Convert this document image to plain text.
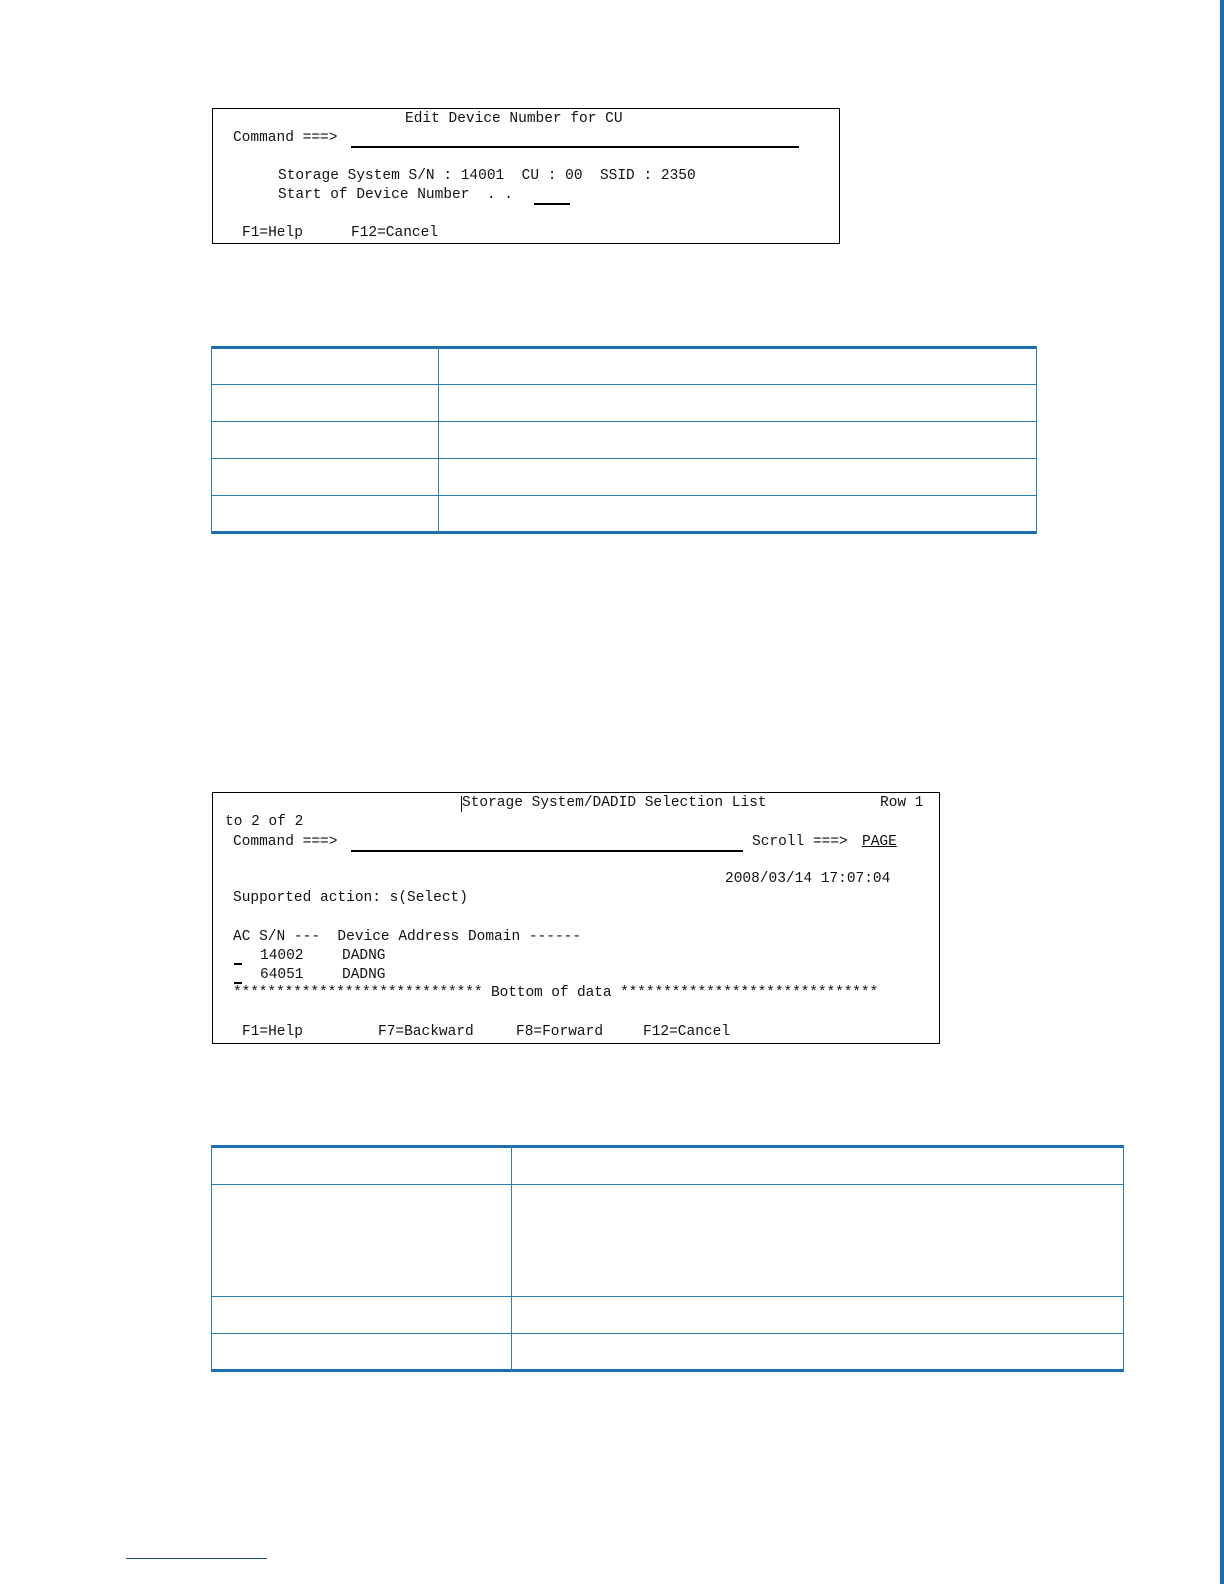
Edit Device Number for CU
Command ===>
Storage System S/N : 14001  CU : 00  SSID : 2350
Start of Device Number  . .
F1=Help	F12=Cancel
Storage System/DADID Selection List	Row 1
to 2 of 2
Command ===>	Scroll ===> PAGE
2008/03/14 17:07:04
Supported action: s(Select)
AC S/N ---  Device Address Domain ------
14002	DADNG
64051	DADNG
***************************** Bottom of data ******************************
F1=Help	F7=Backward	F8=Forward	F12=Cancel
